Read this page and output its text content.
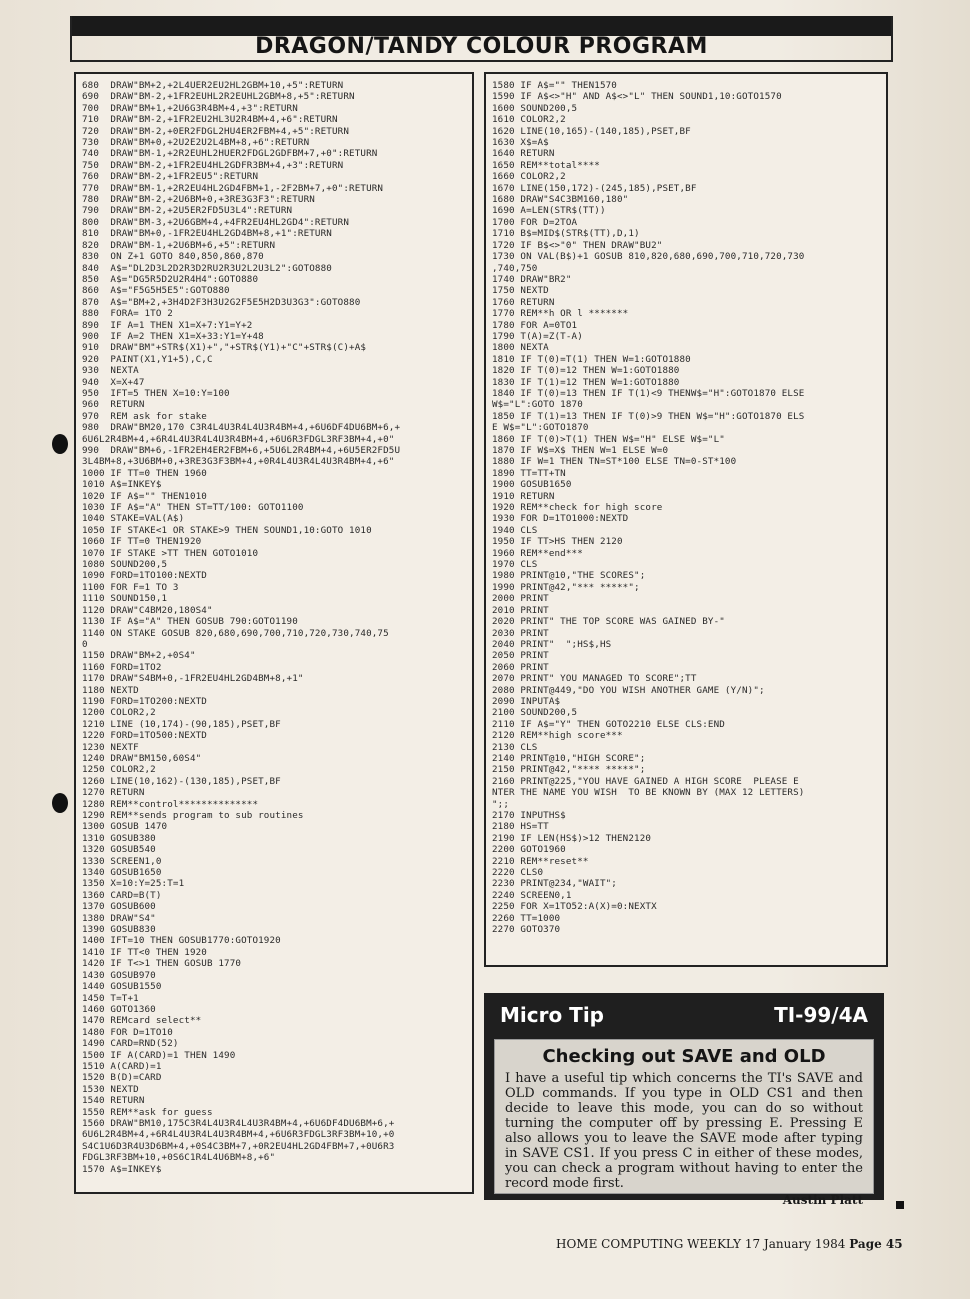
DRAGON/TANDY COLOUR PROGRAM
680  DRAW"BM+2,+2L4UER2EU2HL2GBM+10,+5":RETURN
690  DRAW"BM-2,+1FR2EUHL2R2EUHL2GBM+8,+5":RETURN
700  DRAW"BM+1,+2U6G3R4BM+4,+3":RETURN
710  DRAW"BM-2,+1FR2EU2HL3U2R4BM+4,+6":RETURN
720  DRAW"BM-2,+0ER2FDGL2HU4ER2FBM+4,+5":RETURN
730  DRAW"BM+0,+2U2E2U2L4BM+8,+6":RETURN
740  DRAW"BM-1,+2R2EUHL2HUER2FDGL2GDFBM+7,+0":RETURN
750  DRAW"BM-2,+1FR2EU4HL2GDFR3BM+4,+3":RETURN
760  DRAW"BM-2,+1FR2EU5":RETURN
770  DRAW"BM-1,+2R2EU4HL2GD4FBM+1,-2F2BM+7,+0":RETURN
780  DRAW"BM-2,+2U6BM+0,+3RE3G3F3":RETURN
790  DRAW"BM-2,+2U5ER2FD5U3L4":RETURN
800  DRAW"BM-3,+2U6GBM+4,+4FR2EU4HL2GD4":RETURN
810  DRAW"BM+0,-1FR2EU4HL2GD4BM+8,+1":RETURN
820  DRAW"BM-1,+2U6BM+6,+5":RETURN
830  ON Z+1 GOTO 840,850,860,870
840  A$="DL2D3L2D2R3D2RU2R3U2L2U3L2":GOTO880
850  A$="DG5R5D2U2R4H4":GOTO880
860  A$="F5G5H5E5":GOTO880
870  A$="BM+2,+3H4D2F3H3U2G2F5E5H2D3U3G3":GOTO880
880  FORA= 1TO 2
890  IF A=1 THEN X1=X+7:Y1=Y+2
900  IF A=2 THEN X1=X+33:Y1=Y+48
910  DRAW"BM"+STR$(X1)+","+STR$(Y1)+"C"+STR$(C)+A$
920  PAINT(X1,Y1+5),C,C
930  NEXTA
940  X=X+47
950  IFT=5 THEN X=10:Y=100
960  RETURN
970  REM ask for stake
980  DRAW"BM20,170 C3R4L4U3R4L4U3R4BM+4,+6U6DF4DU6BM+6,+
6U6L2R4BM+4,+6R4L4U3R4L4U3R4BM+4,+6U6R3FDGL3RF3BM+4,+0"
990  DRAW"BM+6,-1FR2EH4ER2FBM+6,+5U6L2R4BM+4,+6U5ER2FD5U
3L4BM+8,+3U6BM+0,+3RE3G3F3BM+4,+0R4L4U3R4L4U3R4BM+4,+6"
1000 IF TT=0 THEN 1960
1010 A$=INKEY$
1020 IF A$="" THEN1010
1030 IF A$="A" THEN ST=TT/100: GOTO1100
1040 STAKE=VAL(A$)
1050 IF STAKE<1 OR STAKE>9 THEN SOUND1,10:GOTO 1010
1060 IF TT=0 THEN1920
1070 IF STAKE >TT THEN GOTO1010
1080 SOUND200,5
1090 FORD=1TO100:NEXTD
1100 FOR F=1 TO 3
1110 SOUND150,1
1120 DRAW"C4BM20,180S4"
1130 IF A$="A" THEN GOSUB 790:GOTO1190
1140 ON STAKE GOSUB 820,680,690,700,710,720,730,740,75
0
1150 DRAW"BM+2,+0S4"
1160 FORD=1TO2
1170 DRAW"S4BM+0,-1FR2EU4HL2GD4BM+8,+1"
1180 NEXTD
1190 FORD=1TO200:NEXTD
1200 COLOR2,2
1210 LINE (10,174)-(90,185),PSET,BF
1220 FORD=1TO500:NEXTD
1230 NEXTF
1240 DRAW"BM150,60S4"
1250 COLOR2,2
1260 LINE(10,162)-(130,185),PSET,BF
1270 RETURN
1280 REM**control**************
1290 REM**sends program to sub routines
1300 GOSUB 1470
1310 GOSUB380
1320 GOSUB540
1330 SCREEN1,0
1340 GOSUB1650
1350 X=10:Y=25:T=1
1360 CARD=B(T)
1370 GOSUB600
1380 DRAW"S4"
1390 GOSUB830
1400 IFT=10 THEN GOSUB1770:GOTO1920
1410 IF TT<0 THEN 1920
1420 IF T<>1 THEN GOSUB 1770
1430 GOSUB970
1440 GOSUB1550
1450 T=T+1
1460 GOTO1360
1470 REMcard select**
1480 FOR D=1TO10
1490 CARD=RND(52)
1500 IF A(CARD)=1 THEN 1490
1510 A(CARD)=1
1520 B(D)=CARD
1530 NEXTD
1540 RETURN
1550 REM**ask for guess
1560 DRAW"BM10,175C3R4L4U3R4L4U3R4BM+4,+6U6DF4DU6BM+6,+
6U6L2R4BM+4,+6R4L4U3R4L4U3R4BM+4,+6U6R3FDGL3RF3BM+10,+0
S4C1U6D3R4U3D6BM+4,+0S4C3BM+7,+0R2EU4HL2GD4FBM+7,+0U6R3
FDGL3RF3BM+10,+0S6C1R4L4U6BM+8,+6"
1570 A$=INKEY$
1580 IF A$="" THEN1570
1590 IF A$<>"H" AND A$<>"L" THEN SOUND1,10:GOTO1570
1600 SOUND200,5
1610 COLOR2,2
1620 LINE(10,165)-(140,185),PSET,BF
1630 X$=A$
1640 RETURN
1650 REM**total****
1660 COLOR2,2
1670 LINE(150,172)-(245,185),PSET,BF
1680 DRAW"S4C3BM160,180"
1690 A=LEN(STR$(TT))
1700 FOR D=2TOA
1710 B$=MID$(STR$(TT),D,1)
1720 IF B$<>"0" THEN DRAW"BU2"
1730 ON VAL(B$)+1 GOSUB 810,820,680,690,700,710,720,730
,740,750
1740 DRAW"BR2"
1750 NEXTD
1760 RETURN
1770 REM**h OR l *******
1780 FOR A=0TO1
1790 T(A)=Z(T-A)
1800 NEXTA
1810 IF T(0)=T(1) THEN W=1:GOTO1880
1820 IF T(0)=12 THEN W=1:GOTO1880
1830 IF T(1)=12 THEN W=1:GOTO1880
1840 IF T(0)=13 THEN IF T(1)<9 THENW$="H":GOTO1870 ELSE
W$="L":GOTO 1870
1850 IF T(1)=13 THEN IF T(0)>9 THEN W$="H":GOTO1870 ELS
E W$="L":GOTO1870
1860 IF T(0)>T(1) THEN W$="H" ELSE W$="L"
1870 IF W$=X$ THEN W=1 ELSE W=0
1880 IF W=1 THEN TN=ST*100 ELSE TN=0-ST*100
1890 TT=TT+TN
1900 GOSUB1650
1910 RETURN
1920 REM**check for high score
1930 FOR D=1TO1000:NEXTD
1940 CLS
1950 IF TT>HS THEN 2120
1960 REM**end***
1970 CLS
1980 PRINT@10,"THE SCORES";
1990 PRINT@42,"*** *****";
2000 PRINT
2010 PRINT
2020 PRINT" THE TOP SCORE WAS GAINED BY-"
2030 PRINT
2040 PRINT"  ";HS$,HS
2050 PRINT
2060 PRINT
2070 PRINT" YOU MANAGED TO SCORE";TT
2080 PRINT@449,"DO YOU WISH ANOTHER GAME (Y/N)";
2090 INPUTA$
2100 SOUND200,5
2110 IF A$="Y" THEN GOTO2210 ELSE CLS:END
2120 REM**high score***
2130 CLS
2140 PRINT@10,"HIGH SCORE";
2150 PRINT@42,"**** *****";
2160 PRINT@225,"YOU HAVE GAINED A HIGH SCORE  PLEASE E
NTER THE NAME YOU WISH  TO BE KNOWN BY (MAX 12 LETTERS)
";;
2170 INPUTHS$
2180 HS=TT
2190 IF LEN(HS$)>12 THEN2120
2200 GOTO1960
2210 REM**reset**
2220 CLS0
2230 PRINT@234,"WAIT";
2240 SCREEN0,1
2250 FOR X=1TO52:A(X)=0:NEXTX
2260 TT=1000
2270 GOTO370
Micro Tip	TI-99/4A
Checking out SAVE and OLD
I have a useful tip which concerns the TI's SAVE and OLD commands. If you type in OLD CS1 and then decide to leave this mode, you can do so without turning the computer off by pressing E. Pressing E also allows you to leave the SAVE mode after typing in SAVE CS1. If you press C in either of these modes, you can check a program without having to enter the record mode first.
Austin Platt
HOME COMPUTING WEEKLY 17 January 1984 Page 45
